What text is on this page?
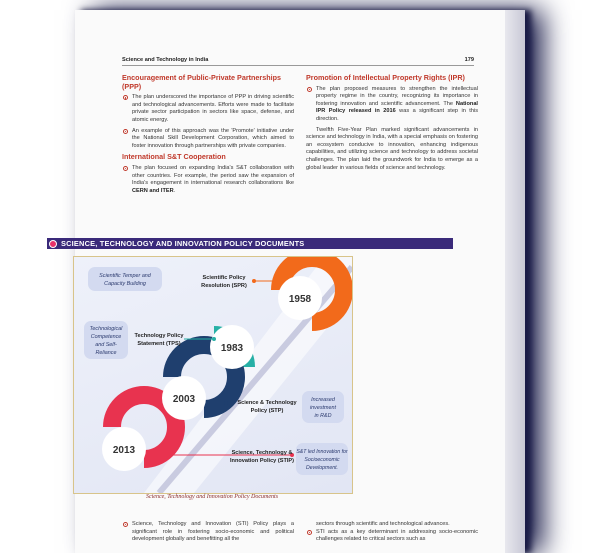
Science and Technology in India	179
Encouragement of Public-Private Partnerships (PPP)
The plan underscored the importance of PPP in driving scientific and technological advancements. Efforts were made to facilitate private sector participation in sectors like space, defense, and atomic energy.
An example of this approach was the 'Promote' initiative under the National Skill Development Corporation, which aimed to foster innovation through partnerships with private companies.
International S&T Cooperation
The plan focused on expanding India's S&T collaboration with other countries. For example, the period saw the expansion of India's engagement in international research collaborations like CERN and ITER.
Promotion of Intellectual Property Rights (IPR)
The plan proposed measures to strengthen the intellectual property regime in the country, recognizing its importance in fostering innovation and scientific advancement. The National IPR Policy released in 2016 was a significant step in this direction.
Twelfth Five-Year Plan marked significant advancements in science and technology in India, with a special emphasis on fostering an ecosystem conducive to innovation, enhancing indigenous capabilities, and utilizing science and technology to address societal challenges. The plan laid the groundwork for India to emerge as a global leader in various fields of science and technology.
Science, Technology and Innovation (STI) Policy plays a significant role in fostering socio-economic and political development globally and benefitting all the
sectors through scientific and technological advances.
STI acts as a key determinant in addressing socio-economic challenges related to critical sectors such as
SCIENCE, TECHNOLOGY AND INNOVATION POLICY DOCUMENTS
1958
1983
2003
2013
Scientific Policy
Resolution (SPR)
Technology Policy
Statement (TPS)
Science & Technology
Policy (STP)
Science, Technology &
Innovation Policy (STIP)
Scientific Temper and
Capacity Building
Technological
Competence
and Self-
Reliance
Increased
investment
in R&D
S&T led Innovation for
Socioeconomic
Development.
Science, Technology and Innovation Policy Documents
